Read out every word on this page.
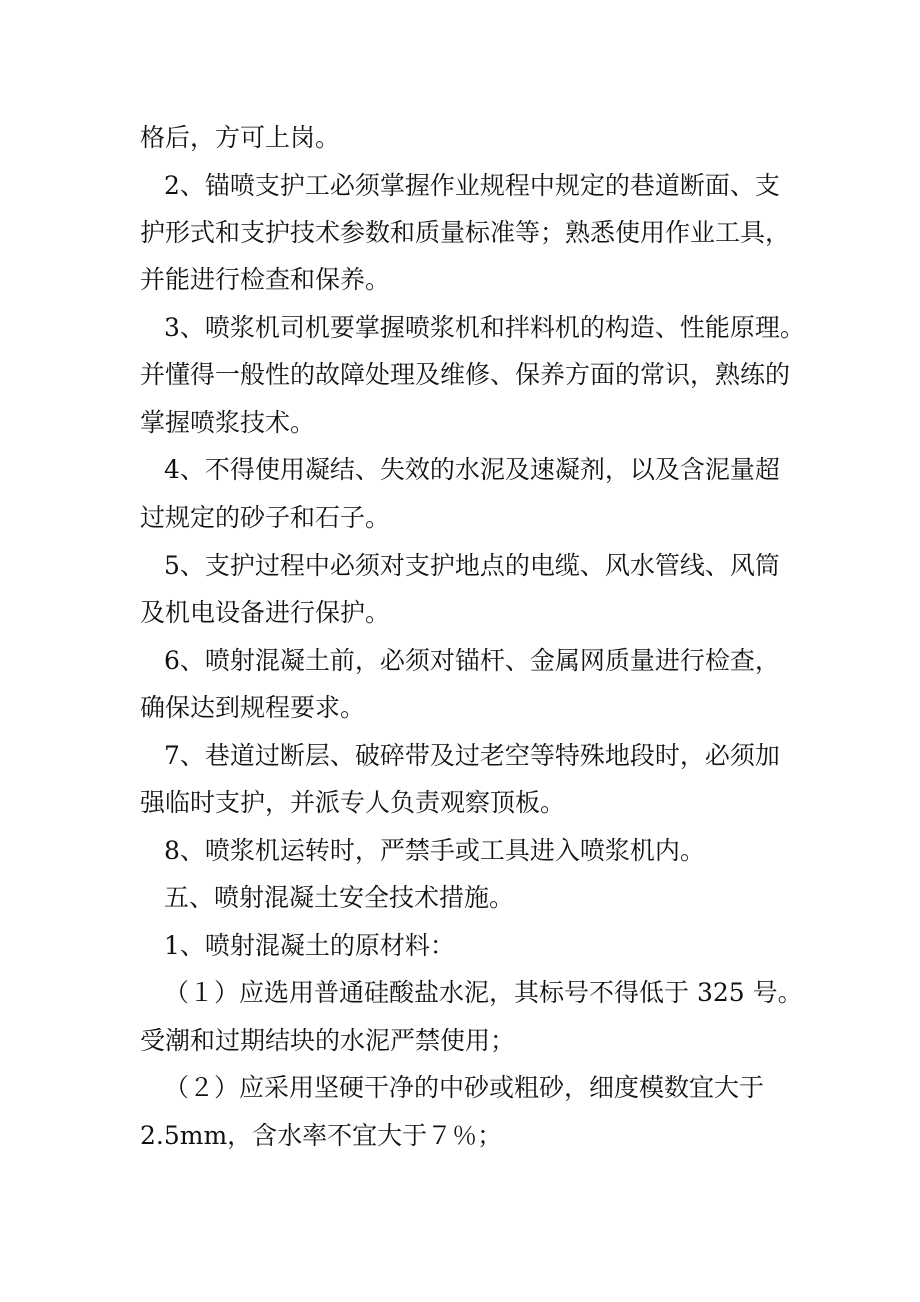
格后，方可上岗。
2、锚喷支护工必须掌握作业规程中规定的巷道断面、支
护形式和支护技术参数和质量标准等；熟悉使用作业工具，
并能进行检查和保养。
3、喷浆机司机要掌握喷浆机和拌料机的构造、性能原理。
并懂得一般性的故障处理及维修、保养方面的常识，熟练的
掌握喷浆技术。
4、不得使用凝结、失效的水泥及速凝剂，以及含泥量超
过规定的砂子和石子。
5、支护过程中必须对支护地点的电缆、风水管线、风筒
及机电设备进行保护。
6、喷射混凝土前，必须对锚杆、金属网质量进行检查，
确保达到规程要求。
7、巷道过断层、破碎带及过老空等特殊地段时，必须加
强临时支护，并派专人负责观察顶板。
8、喷浆机运转时，严禁手或工具进入喷浆机内。
五、喷射混凝土安全技术措施。
1、喷射混凝土的原材料：
（１）应选用普通硅酸盐水泥，其标号不得低于 325 号。
受潮和过期结块的水泥严禁使用；
（２）应采用坚硬干净的中砂或粗砂，细度模数宜大于
2.5mm，含水率不宜大于７％；
